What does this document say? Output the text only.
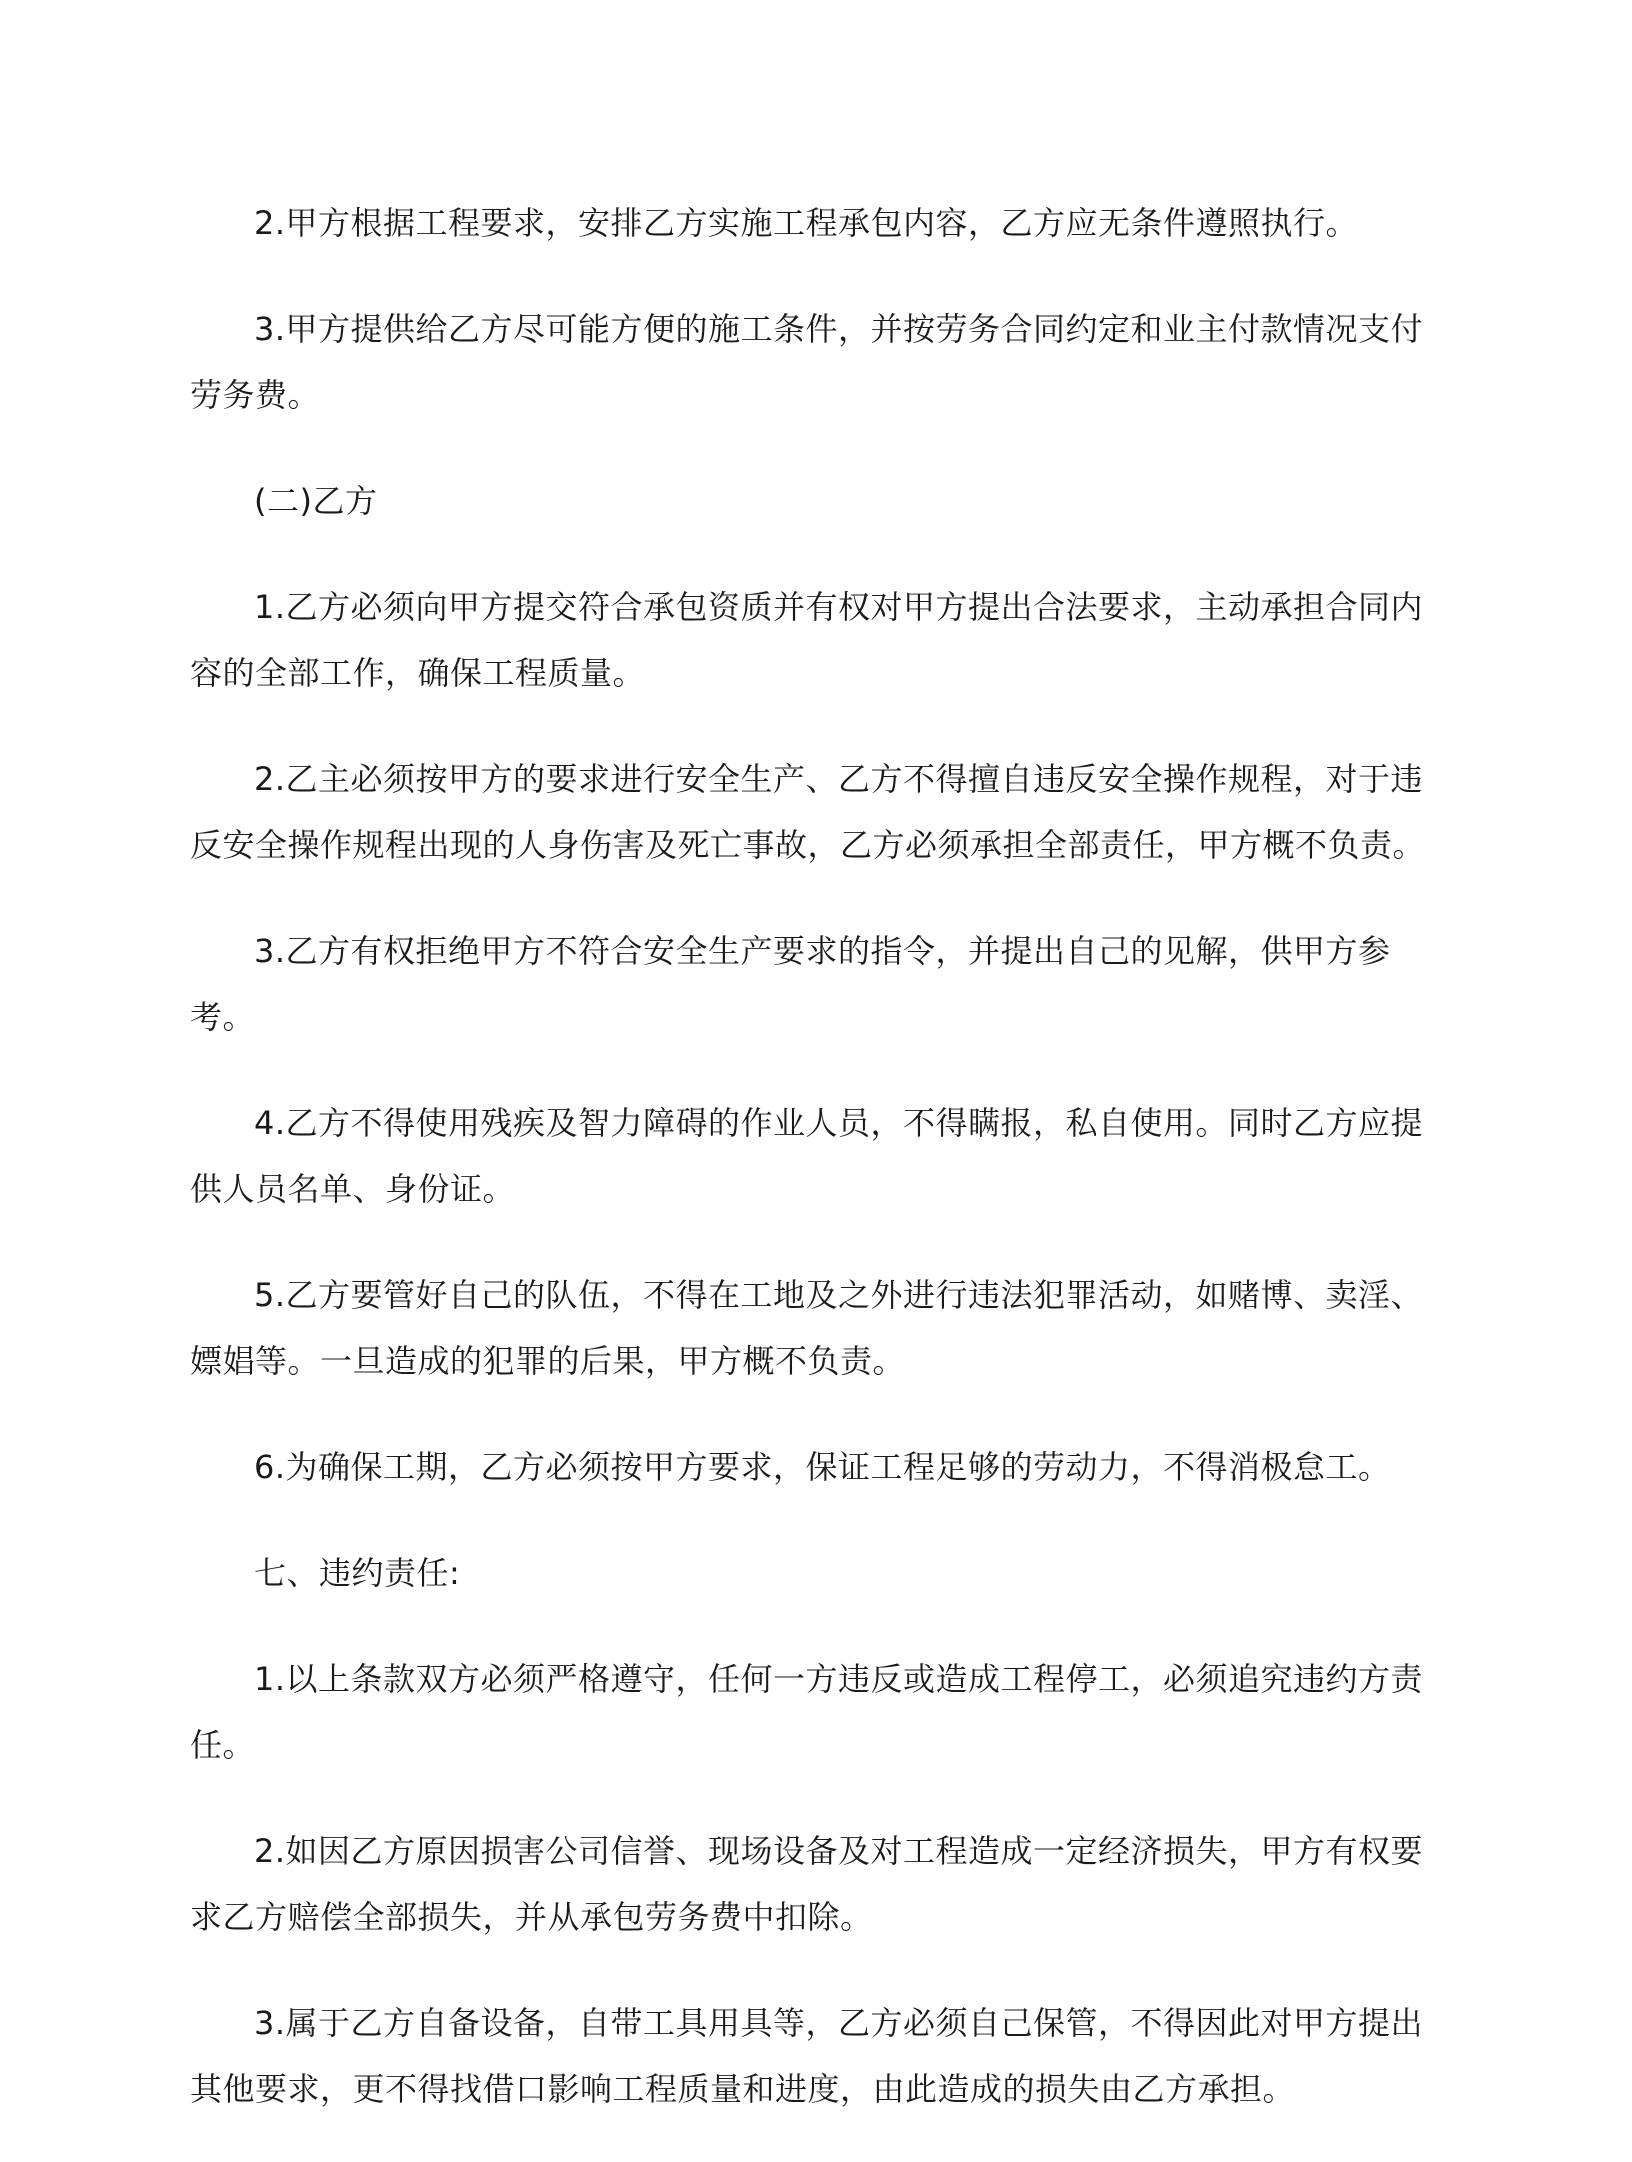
2.甲方根据工程要求，安排乙方实施工程承包内容，乙方应无条件遵照执行。

3.甲方提供给乙方尽可能方便的施工条件，并按劳务合同约定和业主付款情况支付劳务费。

(二)乙方

1.乙方必须向甲方提交符合承包资质并有权对甲方提出合法要求，主动承担合同内容的全部工作，确保工程质量。

2.乙主必须按甲方的要求进行安全生产、乙方不得擅自违反安全操作规程，对于违反安全操作规程出现的人身伤害及死亡事故，乙方必须承担全部责任，甲方概不负责。

3.乙方有权拒绝甲方不符合安全生产要求的指令，并提出自己的见解，供甲方参考。

4.乙方不得使用残疾及智力障碍的作业人员，不得瞒报，私自使用。同时乙方应提供人员名单、身份证。

5.乙方要管好自己的队伍，不得在工地及之外进行违法犯罪活动，如赌博、卖淫、嫖娼等。一旦造成的犯罪的后果，甲方概不负责。

6.为确保工期，乙方必须按甲方要求，保证工程足够的劳动力，不得消极怠工。

七、违约责任:

1.以上条款双方必须严格遵守，任何一方违反或造成工程停工，必须追究违约方责任。

2.如因乙方原因损害公司信誉、现场设备及对工程造成一定经济损失，甲方有权要求乙方赔偿全部损失，并从承包劳务费中扣除。

3.属于乙方自备设备，自带工具用具等，乙方必须自己保管，不得因此对甲方提出其他要求，更不得找借口影响工程质量和进度，由此造成的损失由乙方承担。
